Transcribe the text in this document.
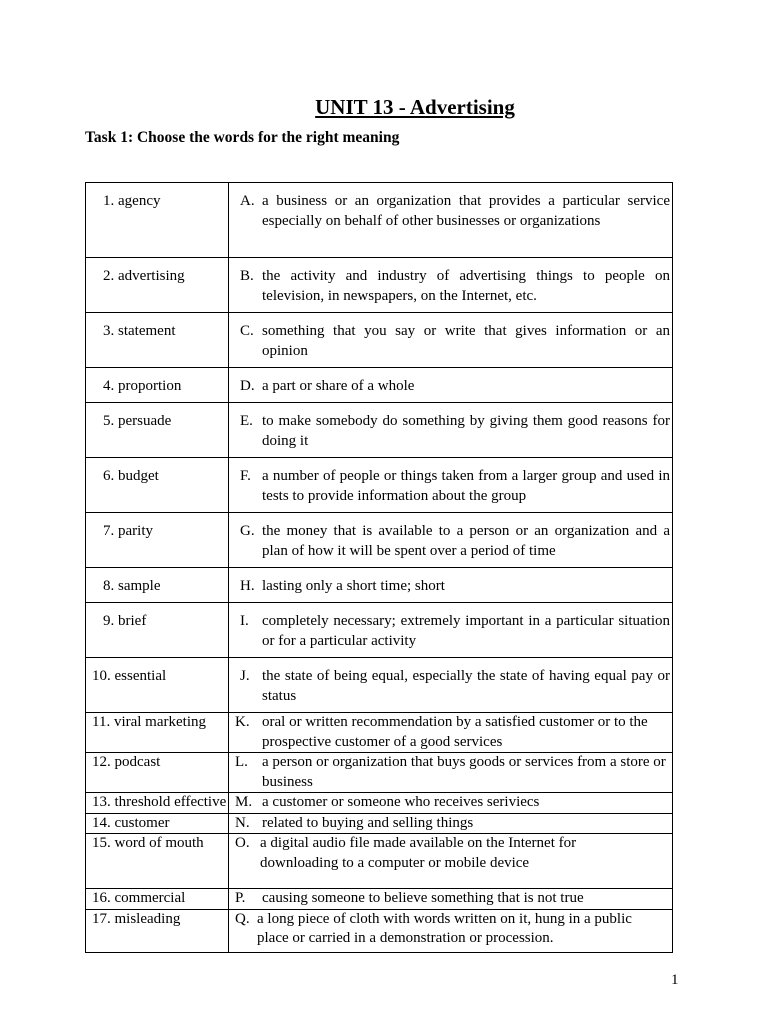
UNIT 13 - Advertising
Task 1: Choose the words for the right meaning
1. agency	A. a business or an organization that provides a particular service especially on behalf of other businesses or organizations

2. advertising	B. the activity and industry of advertising things to people on television, in newspapers, on the Internet, etc.

3. statement	C. something that you say or write that gives information or an opinion

4. proportion	D. a part or share of a whole

5. persuade	E. to make somebody do something by giving them good reasons for doing it

6. budget	F. a number of people or things taken from a larger group and used in tests to provide information about the group

7. parity	G. the money that is available to a person or an organization and a plan of how it will be spent over a period of time

8. sample	H. lasting only a short time; short

9. brief	I. completely necessary; extremely important in a particular situation or for a particular activity

10. essential	J. the state of being equal, especially the state of having equal pay or status

11. viral marketing	K. oral or written recommendation by a satisfied customer or to the prospective customer of a good services

12. podcast	L. a person or organization that buys goods or services from a store or business

13. threshold effective	M. a customer or someone who receives seriviecs

14. customer	N. related to buying and selling things

15. word of mouth	O. a digital audio file made available on the Internet for downloading to a computer or mobile device

16. commercial	P. causing someone to believe something that is not true

17. misleading	Q. a long piece of cloth with words written on it, hung in a public place or carried in a demonstration or procession.
1
